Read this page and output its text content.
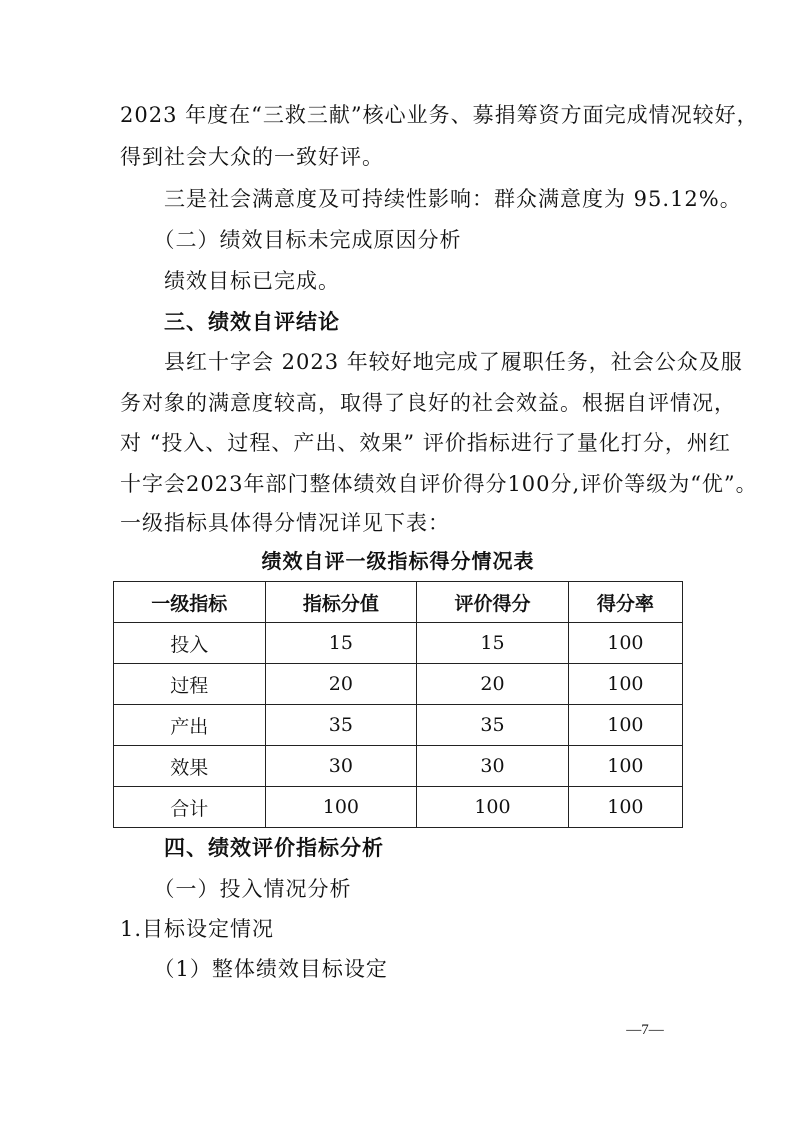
2023 年度在“三救三献”核心业务、募捐筹资方面完成情况较好，
得到社会大众的一致好评。
　　三是社会满意度及可持续性影响：群众满意度为 95.12%。
　　（二）绩效目标未完成原因分析
　　绩效目标已完成。
　　三、绩效自评结论
　　县红十字会 2023 年较好地完成了履职任务，社会公众及服
务对象的满意度较高，取得了良好的社会效益。根据自评情况，
对 “投入、过程、产出、效果” 评价指标进行了量化打分，州红
十字会2023年部门整体绩效自评价得分100分,评价等级为“优”。
一级指标具体得分情况详见下表：
绩效自评一级指标得分情况表
一级指标	指标分值	评价得分	得分率
投入	15	15	100
过程	20	20	100
产出	35	35	100
效果	30	30	100
合计	100	100	100
　　四、绩效评价指标分析
　　（一）投入情况分析
1.目标设定情况
　　（1）整体绩效目标设定
—7—
